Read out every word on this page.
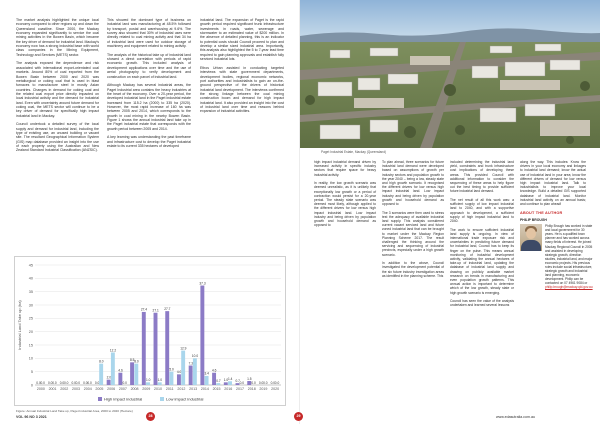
The market analysis highlighted the unique local economy compared to other regions up and down the Queensland coastline. Since 2000, the Mackay economy expanded significantly to service the coal mining activities in the Bowen Basin, which became the key driver of demand for industrial land. Mackay's economy now has a strong industrial base with world class companies in the Mining Equipment, Technology and Services (METS) sector.

The analysis exposed the dependence and risk associated with international export-orientated coal markets. Around 80% of coal exported from the Bowen Basin between 2000 and 2020 was metallurgical or coking coal that is used in blast furnaces to manufacture steel in mostly Asian countries. Changes in demand for coking coal and the related coal export price directly impacted on local industrial activity and the demand for industrial land. Even with uncertainty around future demand for coking coal, the METS sector will continue to be a key driver of demand for specifically high impact industrial land in Mackay.

Council undertook a detailed survey of the local supply and demand for industrial land, including the type of existing use, an unused building or vacant site. The resultant Geographical Information System (GIS) map database provided an insight into the use of each property using the Australian and New Zealand Standard Industrial Classification (ANZSIC).

This showed the dominant type of business on industrial land was manufacturing at 48.5% followed by transport, postal and warehousing at 9.6%. The survey also showed that 30% of industrial uses were directly related to coal mining activity and that 34 ha of industrial land were used for outdoor storage of machinery and equipment related to mining activity.

The analysis of the historical take up of industrial land showed a direct correlation with periods of rapid economic growth. This included analysis of development applications over time and the use of aerial photography to verify development and construction on each parcel of industrial land.

Although Mackay has several industrial areas, the Paget Industrial area contains the heavy industries at the heart of the economy. Over a 20-year period, the developed industrial land in the Paget industrial estate increased from 115.2 ha (2000) to 335 ha (2020). However, the most rapid increase of 160 ha was between 2005 and 2014, which corresponds to the growth in coal mining in the nearby Bowen Basin. Figure 1 shows the annual industrial land take up in the Paget industrial estate that corresponds with the growth period between 2005 and 2014.

A key learning was understanding the past timeframe and infrastructure cost to develop the Paget industrial estate to its current 335 hectares of developed

industrial land. The expansion of Paget is the rapid growth period required significant trunk infrastructure investments in roads, water, sewerage and stormwater to an estimated value of $200 million. In the absence of detailed planning, this is an indicator to potential costs should Council proceed to plan and develop a similar sized industrial area. Importantly, this analysis also highlighted the 5 to 7-year lead time required to gain planning approvals and establish fully serviced industrial lots.

Ethos Urban assisted in conducting targeted interviews with state government departments, development bodies, regional economic networks, port authorities and industrialists to gain an on-the-ground perspective of the drivers of historical industrial land development. The interviews confirmed the strong linkage between the coal mining construction boom and demand for high impact industrial land. It also provided an insight into the cost of industrial land over time and reasons behind expansion of industrial activities.

0
5
10
15
20
25
30
35
40
45
Industrial Land Take up (ha)
0.0 0.0
2000
0.0 0.0
2001
0.0 0.0
2002
0.0 0.0
2003
0.0 0.0
2004
0.0
8.0
2005
2.0
12.2
2006
4.6
0.0
2007
8.5 8.0
2008
27.4
1.0
2009
27.1
1.0
2010
27.7
5.0
2011
4.0
12.9
2012
7.3
10.0
2013
37.3
3.4
2014
4.6
0.7
2015
1.0 1.4
2016
0.7 0.0
2017
1.5
0.0
2018
0.0 0.0
2019
0.0 0.0
2020
High impact industrial	Low impact industrial
Figure: Annual Industrial Land Take up, Paget Industrial Area, 2000 to 2020 (Hectare)
VOL 96 NO 3 2021	28
Paget Industrial Estate, Mackay (Queensland)

high impact industrial demand driven by increased activity in specific industry sectors that require space for heavy industrial activity.

In reality, the low growth scenario was deemed unrealistic, as it is unlikely that exceptionally low growth or a period of contraction would persist for a 20-year period. The steady state scenario was deemed most likely, although applied to the different drivers for low versus high impact industrial land. Low impact industry and being driven by population growth and household demand as opposed to

To plan ahead, three scenarios for future industrial land demand were developed based on assumptions of growth per industry sectors and population growth to the year 2040 – being a low, steady state and high growth scenario. It recognised the different drivers for low versus high impact industrial land. Low impact industry and being driven by population growth and household demand as opposed to

The 3 scenarios were then used to stress test the adequacy of available industrial land supply. This analysis considered current vacant serviced land and future zoned industrial land that can be brought to market under the Mackay Region Planning Scheme 2017. The result challenged the thinking around the servicing and sequencing of industrial precincts, especially under a high growth scenario.

In addition to the above, Council investigated the development potential of the six future industry investigation areas as identified in the planning scheme. This

included determining the industrial land yield, constraints and trunk infrastructure cost implications of developing these areas. This provided Council with additional information to consider the sequencing of these areas to help figure out the best timing to provide sufficient future industrial land demand.

The net result of all this work was: a sufficient supply of low impact industrial land to 2040, and with a supportive approach to development, a sufficient supply of high impact industrial land to 2040.

The work to ensure sufficient industrial land supply is ongoing. In view of international trade exposure risk and uncertainties in predicting future demand for industrial land, Council has to keep its finger on the pulse. This means annual monitoring of industrial development activity, validating the annual hectares of take-up of industrial land, updating the database of industrial land supply and drawing on publicly available market research on trends in manufacturing and even population growth patterns. This annual action is important to determine which of the low growth, steady state or high growth scenario is emerging.

Council has seen the value of the analysis undertaken and learned several lessons

www.edasutralia.com.au
29

along the way. This includes: Know the drivers in your local economy and linkages to industrial land demand; know the actual use of industrial land in your area; know the different drivers of demand for low versus high impact industrial land. Talk to industrialists to improve your local knowledge. Build a detailed GIS supported database of industrial land. Monitor industrial land activity on an annual basis; and continue to plan ahead!

ABOUT THE AUTHOR
PHILIP BROUGH
Philip Brough has worked in state and local government for 30 years. He is a qualified town planner and has worked across many fields of interest. He joined Mackay Regional Council in 2005 and assisted in developing strategic growth, direction studies, industrial land, and major economic projects. His previous roles include social infrastructure, strategic growth and industrial land planning, economic development. Philip can be contacted on 07 4961 9084 or philip.brough@mackay.qld.gov.au
